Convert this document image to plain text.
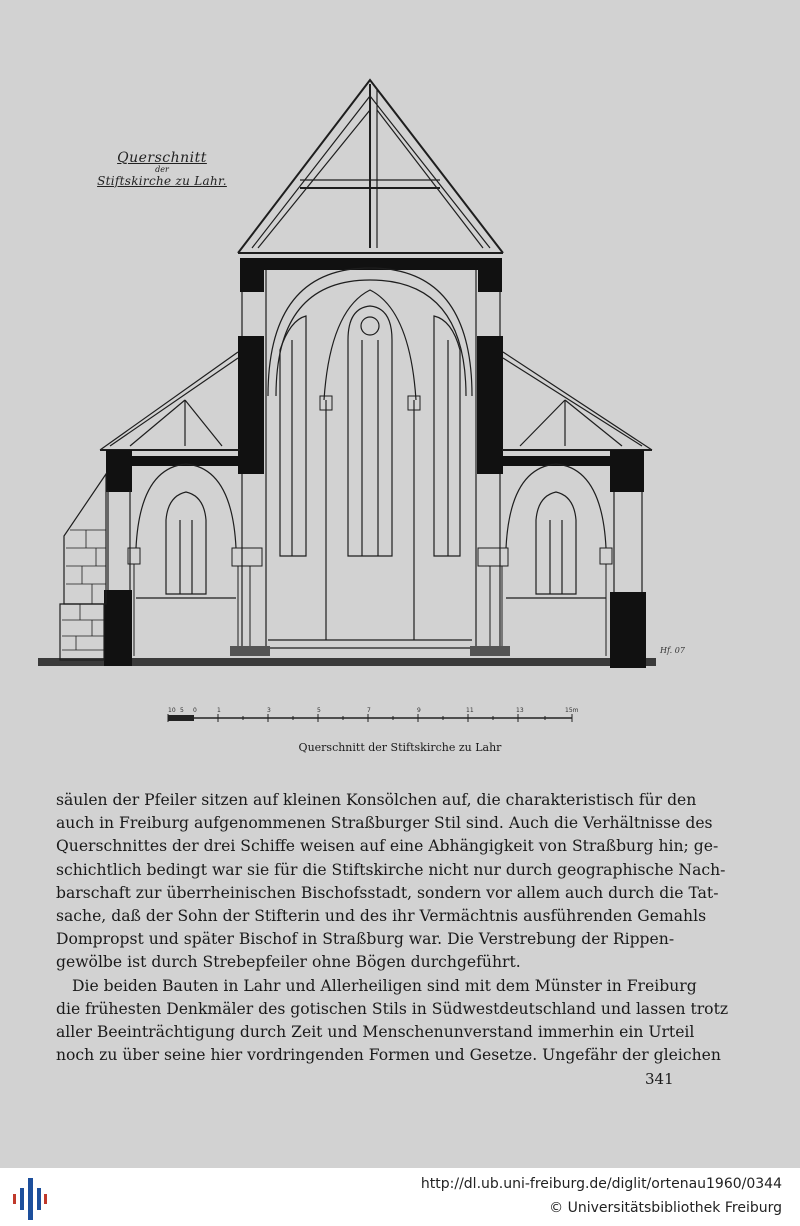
Querschnitt
der
Stiftskirche zu Lahr.
10 5 0	1	3	5	7	9	11	13	15m
Hf. 07
Querschnitt der Stiftskirche zu Lahr

säulen der Pfeiler sitzen auf kleinen Konsölchen auf, die charakteristisch für den

auch in Freiburg aufgenommenen Straßburger Stil sind. Auch die Verhältnisse des

Querschnittes der drei Schiffe weisen auf eine Abhängigkeit von Straßburg hin; ge-

schichtlich bedingt war sie für die Stiftskirche nicht nur durch geographische Nach-

barschaft zur überrheinischen Bischofsstadt, sondern vor allem auch durch die Tat-

sache, daß der Sohn der Stifterin und des ihr Vermächtnis ausführenden Gemahls

Dompropst und später Bischof in Straßburg war. Die Verstrebung der Rippen-

gewölbe ist durch Strebepfeiler ohne Bögen durchgeführt.

Die beiden Bauten in Lahr und Allerheiligen sind mit dem Münster in Freiburg

die frühesten Denkmäler des gotischen Stils in Südwestdeutschland und lassen trotz

aller Beeinträchtigung durch Zeit und Menschenunverstand immerhin ein Urteil

noch zu über seine hier vordringenden Formen und Gesetze. Ungefähr der gleichen

341
http://dl.ub.uni-freiburg.de/diglit/ortenau1960/0344
© Universitätsbibliothek Freiburg
